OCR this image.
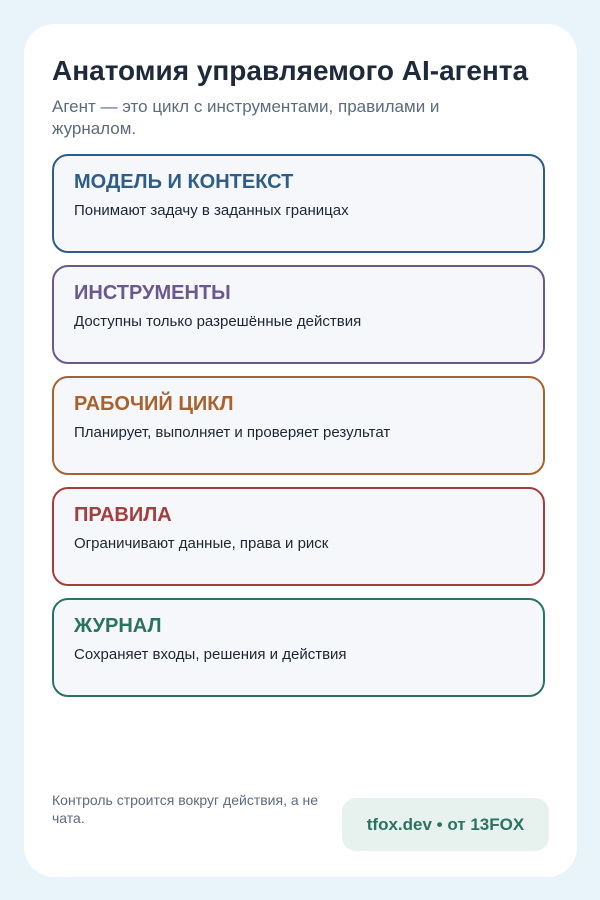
Анатомия управляемого AI-агента

Агент — это цикл с инструментами, правилами и журналом.

МОДЕЛЬ И КОНТЕКСТ
Понимают задачу в заданных границах
ИНСТРУМЕНТЫ
Доступны только разрешённые действия
РАБОЧИЙ ЦИКЛ
Планирует, выполняет и проверяет результат
ПРАВИЛА
Ограничивают данные, права и риск
ЖУРНАЛ
Сохраняет входы, решения и действия

Контроль строится вокруг действия, а не чата.	tfox.dev • от 13FOX
